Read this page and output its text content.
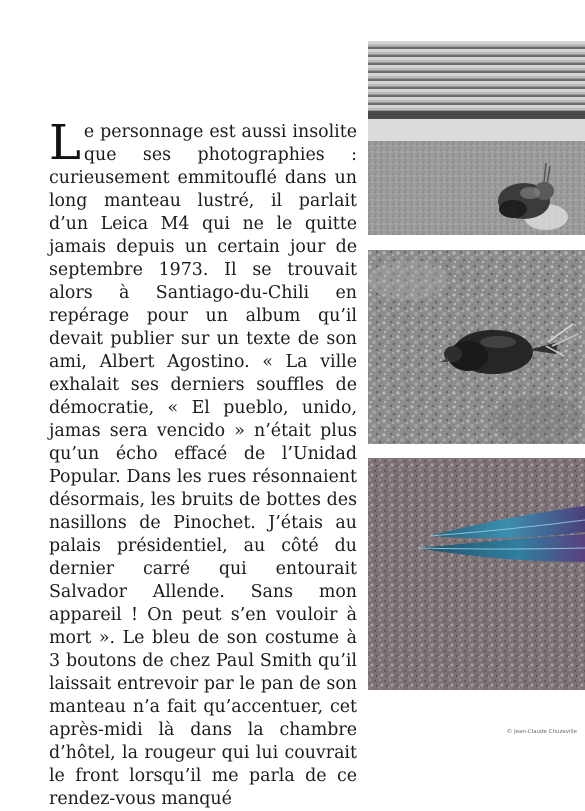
Le personnage est aussi insolite que ses photographies : curieusement emmitouflé dans un long manteau lustré, il parlait d’un Leica M4 qui ne le quitte jamais depuis un certain jour de septembre 1973. Il se trouvait alors à Santiago-du-Chili en repérage pour un album qu’il devait publier sur un texte de son ami, Albert Agostino. « La ville exhalait ses derniers souffles de démocratie, « El pueblo, unido, jamas sera vencido » n’était plus qu’un écho effacé de l’Unidad Popular. Dans les rues résonnaient désormais, les bruits de bottes des nasillons de Pinochet. J’étais au palais présidentiel, au côté du dernier carré qui entourait Salvador Allende. Sans mon appareil ! On peut s’en vouloir à mort ». Le bleu de son costume à 3 boutons de chez Paul Smith qu’il laissait entrevoir par le pan de son manteau n’a fait qu’accentuer, cet après-midi là dans la chambre d’hôtel, la rougeur qui lui couvrait le front lorsqu’il me parla de ce rendez-vous manqué

© Jean-Claude Chuzeville
